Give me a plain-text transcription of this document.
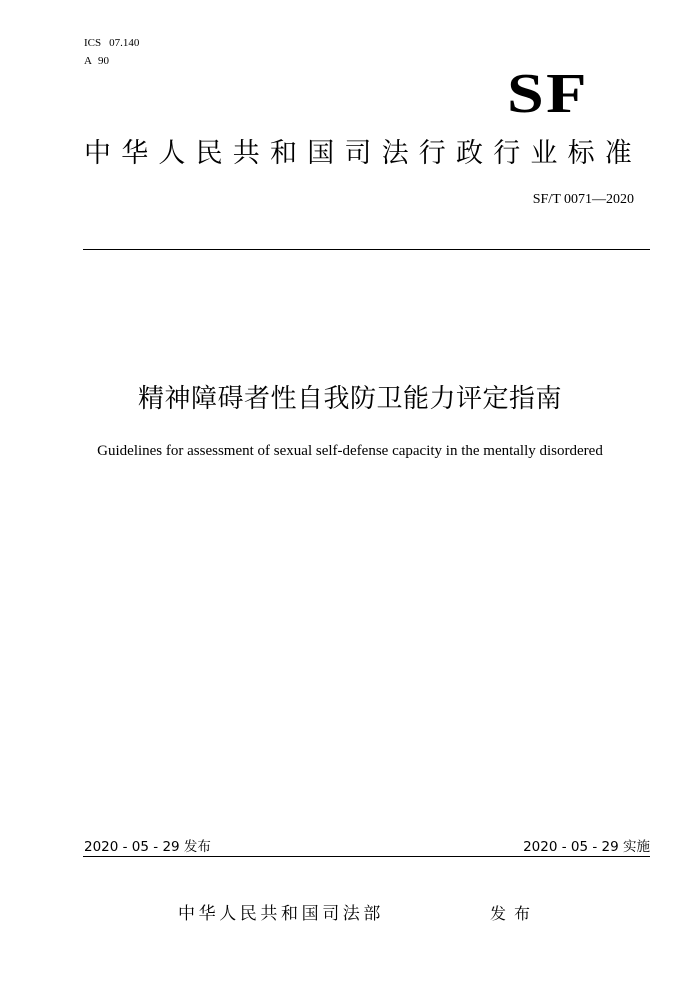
ICS 07.140
A 90
SF
中华人民共和国司法行政行业标准
SF/T 0071—2020
精神障碍者性自我防卫能力评定指南
Guidelines for assessment of sexual self-defense capacity in the mentally disordered
2020 - 05 - 29 发布	2020 - 05 - 29 实施
中华人民共和国司法部	发布
